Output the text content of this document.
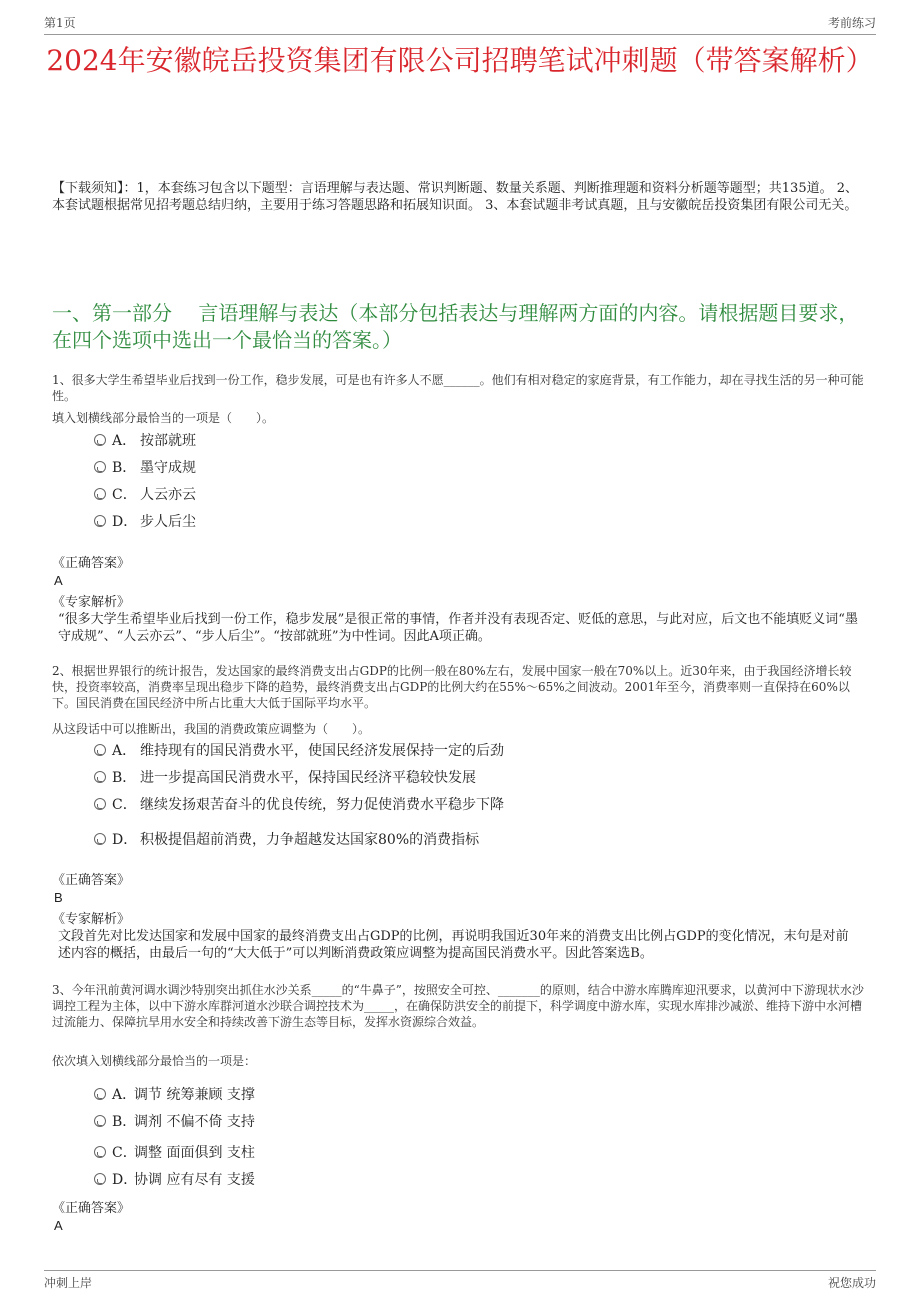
第1页	考前练习
2024年安徽皖岳投资集团有限公司招聘笔试冲刺题（带答案解析）
【下载须知】：1，本套练习包含以下题型：言语理解与表达题、常识判断题、数量关系题、判断推理题和资料分析题等题型；共135道。 2、本套试题根据常见招考题总结归纳，主要用于练习答题思路和拓展知识面。 3、本套试题非考试真题，且与安徽皖岳投资集团有限公司无关。
一、第一部分　 言语理解与表达（本部分包括表达与理解两方面的内容。请根据题目要求，在四个选项中选出一个最恰当的答案。）
1、很多大学生希望毕业后找到一份工作，稳步发展，可是也有许多人不愿______。他们有相对稳定的家庭背景，有工作能力，却在寻找生活的另一种可能性。
填入划横线部分最恰当的一项是（　　）。
A． 按部就班
B． 墨守成规
C． 人云亦云
D． 步人后尘
《正确答案》
A
《专家解析》
“很多大学生希望毕业后找到一份工作，稳步发展”是很正常的事情，作者并没有表现否定、贬低的意思，与此对应，后文也不能填贬义词“墨守成规”、“人云亦云”、“步人后尘”。“按部就班”为中性词。因此A项正确。
2、根据世界银行的统计报告，发达国家的最终消费支出占GDP的比例一般在80%左右，发展中国家一般在70%以上。近30年来，由于我国经济增长较快，投资率较高，消费率呈现出稳步下降的趋势，最终消费支出占GDP的比例大约在55%～65%之间波动。2001年至今，消费率则一直保持在60%以下。国民消费在国民经济中所占比重大大低于国际平均水平。
从这段话中可以推断出，我国的消费政策应调整为（　　）。
A． 维持现有的国民消费水平，使国民经济发展保持一定的后劲
B． 进一步提高国民消费水平，保持国民经济平稳较快发展
C． 继续发扬艰苦奋斗的优良传统，努力促使消费水平稳步下降
D． 积极提倡超前消费，力争超越发达国家80%的消费指标
《正确答案》
B
《专家解析》
文段首先对比发达国家和发展中国家的最终消费支出占GDP的比例，再说明我国近30年来的消费支出比例占GDP的变化情况，末句是对前述内容的概括，由最后一句的“大大低于”可以判断消费政策应调整为提高国民消费水平。因此答案选B。
3、今年汛前黄河调水调沙特别突出抓住水沙关系_____的“牛鼻子”，按照安全可控、_______的原则，结合中游水库腾库迎汛要求，以黄河中下游现状水沙调控工程为主体，以中下游水库群河道水沙联合调控技术为_____，在确保防洪安全的前提下，科学调度中游水库，实现水库排沙减淤、维持下游中水河槽过流能力、保障抗旱用水安全和持续改善下游生态等目标，发挥水资源综合效益。
依次填入划横线部分最恰当的一项是：
A．调节 统筹兼顾 支撑
B．调剂 不偏不倚 支持
C．调整 面面俱到 支柱
D．协调 应有尽有 支援
《正确答案》
A
冲刺上岸	祝您成功
